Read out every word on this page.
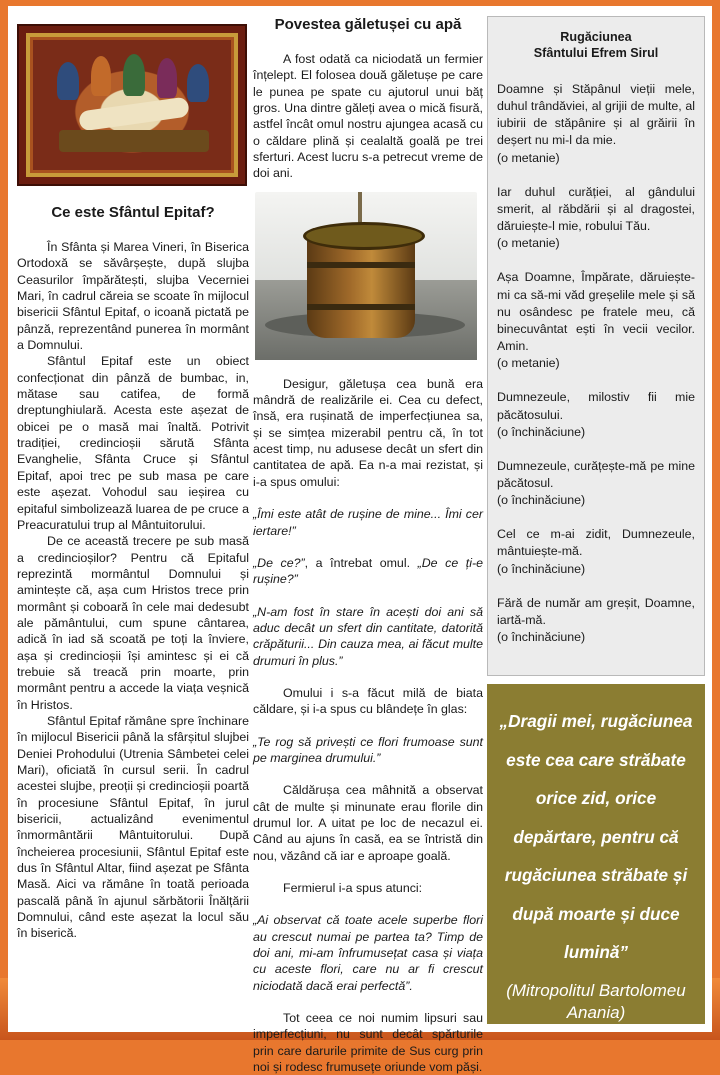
Ce este Sfântul Epitaf?

În Sfânta și Marea Vineri, în Biserica Ortodoxă se săvârșește, după slujba Ceasurilor împărătești, slujba Vecerniei Mari, în cadrul căreia se scoate în mijlocul bisericii Sfântul Epitaf, o icoană pictată pe pânză, reprezentând punerea în mormânt a Domnului.

Sfântul Epitaf este un obiect confecționat din pânză de bumbac, in, mătase sau catifea, de formă dreptunghiulară. Acesta este așezat de obicei pe o masă mai înaltă. Potrivit tradiției, credincioșii sărută Sfânta Evanghelie, Sfânta Cruce și Sfântul Epitaf, apoi trec pe sub masa pe care este așezat. Vohodul sau ieșirea cu epitaful simbolizează luarea de pe cruce a Preacuratului trup al Mântuitorului.

De ce această trecere pe sub masă a credincioșilor? Pentru că Epitaful reprezintă mormântul Domnului și amintește că, așa cum Hristos trece prin mormânt și coboară în cele mai dedesubt ale pământului, cum spune cântarea, adică în iad să scoată pe toți la înviere, așa și credincioșii își amintesc și ei că trebuie să treacă prin moarte, prin mormânt pentru a accede la viața veșnică în Hristos.

Sfântul Epitaf rămâne spre închinare în mijlocul Bisericii până la sfârșitul slujbei Deniei Prohodului (Utrenia Sâmbetei celei Mari), oficiată în cursul serii. În cadrul acestei slujbe, preoții și credincioșii poartă în procesiune Sfântul Epitaf, în jurul bisericii, actualizând evenimentul înmormântării Mântuitorului. După încheierea procesiunii, Sfântul Epitaf este dus în Sfântul Altar, fiind așezat pe Sfânta Masă. Aici va rămâne în toată perioada pascală până în ajunul sărbătorii Înălțării Domnului, când este așezat la locul său în biserică.

Povestea găletușei cu apă

A fost odată ca niciodată un fermier înțelept. El folosea două găletușe pe care le punea pe spate cu ajutorul unui băț gros. Una dintre găleți avea o mică fisură, astfel încât omul nostru ajungea acasă cu o căldare plină și cealaltă goală pe trei sferturi. Acest lucru s-a petrecut vreme de doi ani.

Desigur, găletușa cea bună era mândră de realizările ei. Cea cu defect, însă, era rușinată de imperfecțiunea sa, și se simțea mizerabil pentru că, în tot acest timp, nu adusese decât un sfert din cantitatea de apă. Ea n-a mai rezistat, și i-a spus omului:

„Îmi este atât de rușine de mine... Îmi cer iertare!”

„De ce?”, a întrebat omul. „De ce ți-e rușine?”

„N-am fost în stare în acești doi ani să aduc decât un sfert din cantitate, datorită crăpăturii... Din cauza mea, ai făcut multe drumuri în plus.”

Omului i s-a făcut milă de biata căldare, și i-a spus cu blândețe în glas:

„Te rog să privești ce flori frumoase sunt pe marginea drumului.”

Căldărușa cea mâhnită a observat cât de multe și minunate erau florile din drumul lor. A uitat pe loc de necazul ei. Când au ajuns în casă, ea se întristă din nou, văzând că iar e aproape goală.

Fermierul i-a spus atunci:

„Ai observat că toate acele superbe flori au crescut numai pe partea ta? Timp de doi ani, mi-am înfrumusețat casa și viața cu aceste flori, care nu ar fi crescut niciodată dacă erai perfectă”.

Tot ceea ce noi numim lipsuri sau imperfecțiuni, nu sunt decât spărturile prin care darurile primite de Sus curg prin noi și rodesc frumusețe oriunde vom păși.

Rugăciunea
Sfântului Efrem Sirul

Doamne și Stăpânul vieții mele, duhul trândăviei, al grijii de multe, al iubirii de stăpânire și al grăirii în deșert nu mi-l da mie.
(o metanie)

Iar duhul curăției, al gândului smerit, al răbdării și al dragostei, dăruiește-l mie, robului Tău.
(o metanie)

Așa Doamne, Împărate, dăruiește-mi ca să-mi văd greșelile mele și să nu osândesc pe fratele meu, că binecuvântat ești în vecii vecilor. Amin.
(o metanie)

Dumnezeule, milostiv fii mie păcătosului.
(o închinăciune)

Dumnezeule, curățește-mă pe mine păcătosul.
(o închinăciune)

Cel ce m-ai zidit, Dumnezeule, mântuiește-mă.
(o închinăciune)

Fără de număr am greșit, Doamne, iartă-mă.
(o închinăciune)

„Dragii mei, rugăciunea este cea care străbate orice zid, orice depărtare, pentru că rugăciunea străbate și după moarte și duce lumină”

(Mitropolitul Bartolomeu Anania)
